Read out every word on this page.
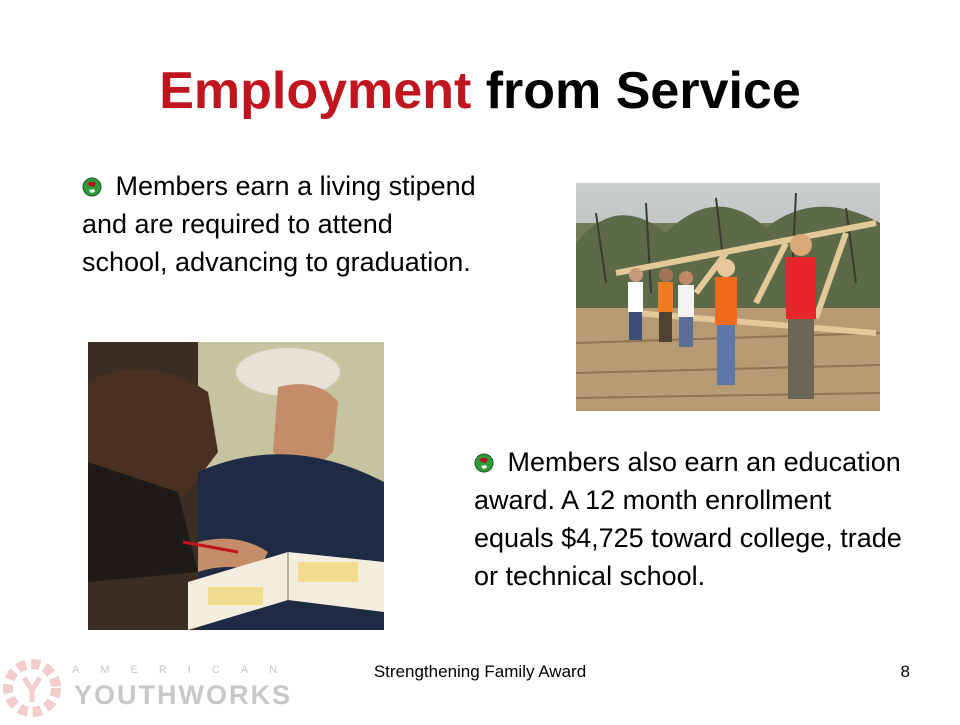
Employment from Service
Members earn a living stipend and are required to attend school, advancing to graduation.
Members also earn an education award. A 12 month enrollment equals $4,725 toward college, trade or technical school.
AMERICAN
YOUTHWORKS
Strengthening Family Award	8
